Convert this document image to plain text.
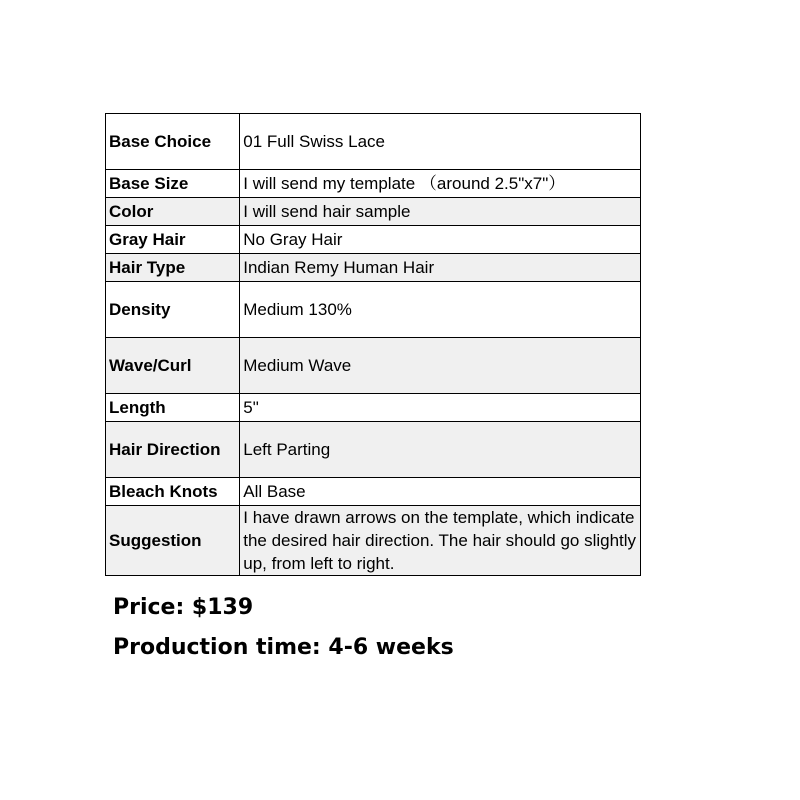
Base Choice	01 Full Swiss Lace
Base Size	I will send my template （around 2.5"x7"）
Color	I will send hair sample
Gray Hair	No Gray Hair
Hair Type	Indian Remy Human Hair
Density	Medium 130%
Wave/Curl	Medium Wave
Length	5"
Hair Direction	Left Parting
Bleach Knots	All Base
Suggestion	I have drawn arrows on the template, which indicate the desired hair direction. The hair should go slightly up, from left to right.
Price: $139
Production time: 4-6 weeks
